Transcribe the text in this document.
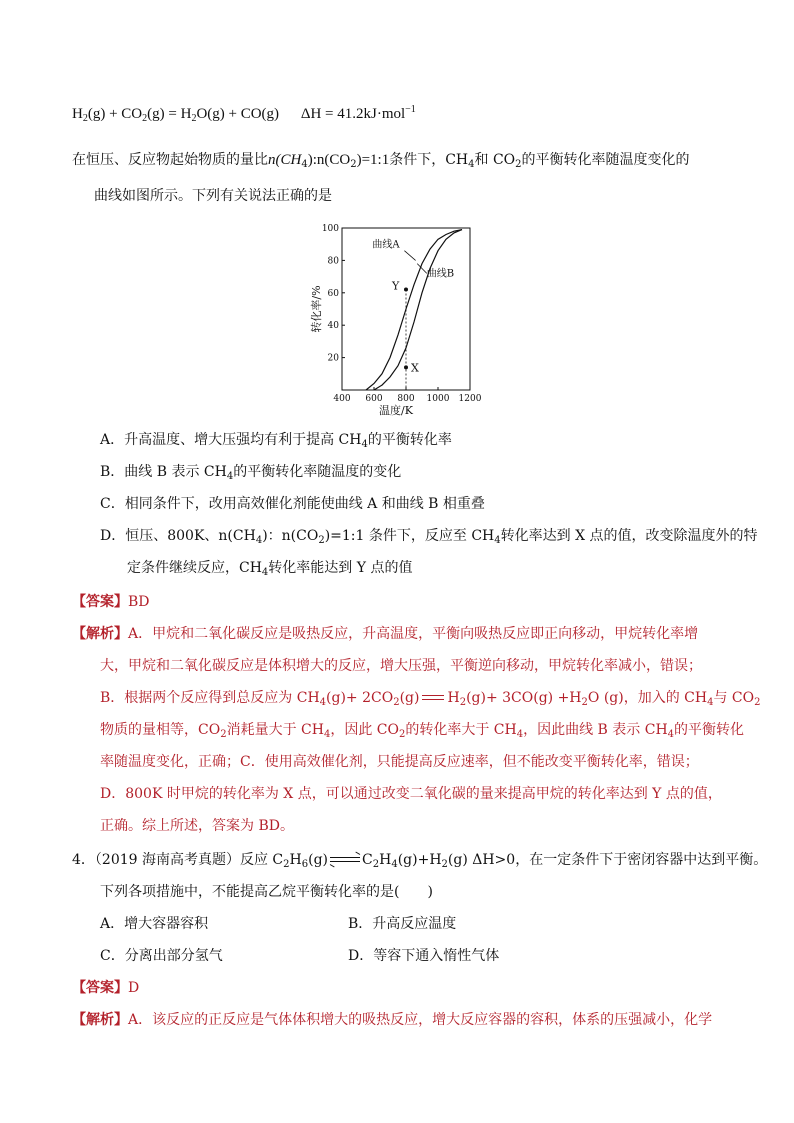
$H_2(g) + CO_2(g) = H_2O(g) + CO(g) \Delta H = 41.2kJ\cdot mol^{-1}$
在恒压、反应物起始物质的量比$n(CH_4):n(CO_2)=1:1$条件下，$CH_4$和 $CO_2$的平衡转化率随温度变化的
曲线如图所示。下列有关说法正确的是
400 600 800 1000 1200
20
40
60
80
100
温度/K
转化率/%
曲线A
曲线B
Y
X
A．升高温度、增大压强均有利于提高 $CH_4$的平衡转化率
B．曲线 B 表示 $CH_4$的平衡转化率随温度的变化
C．相同条件下，改用高效催化剂能使曲线 A 和曲线 B 相重叠
D．恒压、800K、$n(CH_4)$：$n(CO_2)=1:1$ 条件下，反应至 $CH_4$转化率达到 X 点的值，改变除温度外的特
定条件继续反应，$CH_4$转化率能达到 Y 点的值
【答案】BD
【解析】A．甲烷和二氧化碳反应是吸热反应，升高温度，平衡向吸热反应即正向移动，甲烷转化率增
大，甲烷和二氧化碳反应是体积增大的反应，增大压强，平衡逆向移动，甲烷转化率减小，错误；
B．根据两个反应得到总反应为 $CH_4(g)+ 2CO_2(g)$ $H_2(g)+ 3CO(g) +H_2O$ (g)，加入的 $CH_4$与 $CO_2$
物质的量相等，$CO_2$消耗量大于 $CH_4$，因此 $CO_2$的转化率大于 $CH_4$，因此曲线 B 表示 $CH_4$的平衡转化
率随温度变化，正确；C．使用高效催化剂，只能提高反应速率，但不能改变平衡转化率，错误；
D．800K 时甲烷的转化率为 X 点，可以通过改变二氧化碳的量来提高甲烷的转化率达到 Y 点的值，
正确。综上所述，答案为 BD。
4．（2019 海南高考真题）反应 $C_2H_6(g)$ ⇌ $C_2H_4(g)+H_2(g)$ ΔH>0，在一定条件下于密闭容器中达到平衡。
下列各项措施中，不能提高乙烷平衡转化率的是(　　)
A．增大容器容积	B．升高反应温度
C．分离出部分氢气	D．等容下通入惰性气体
【答案】D
【解析】A．该反应的正反应是气体体积增大的吸热反应，增大反应容器的容积，体系的压强减小，化学
